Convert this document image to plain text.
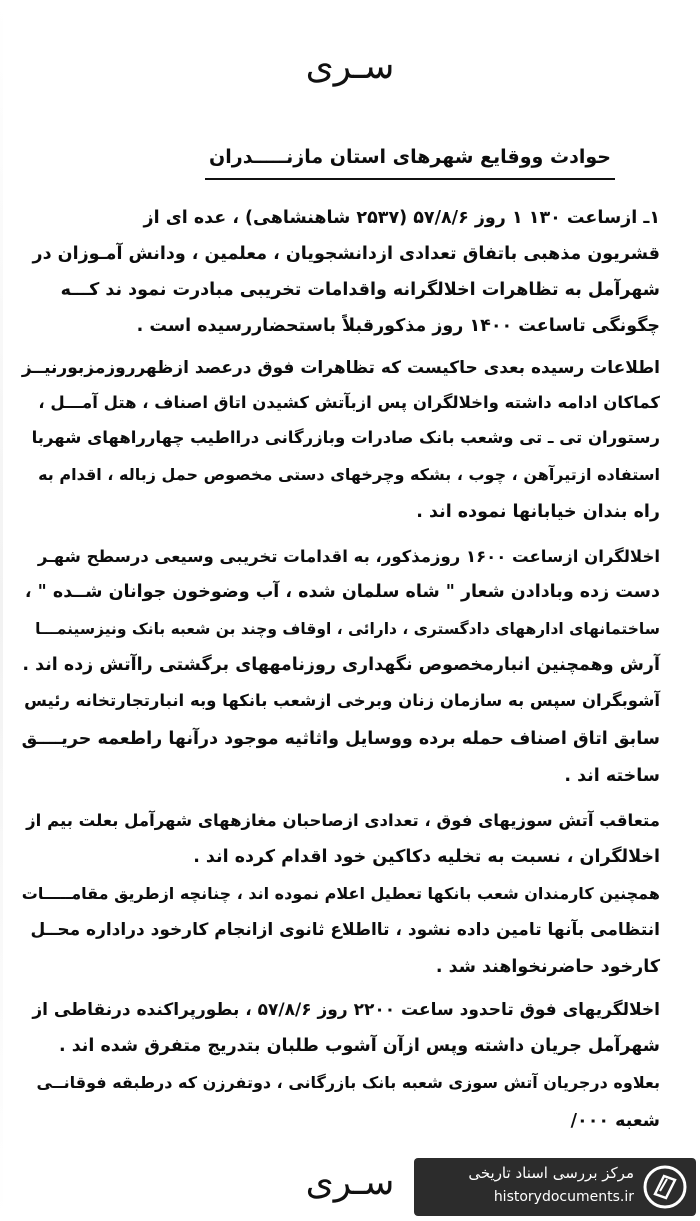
سـری
حوادث ووقایع شهرهای استان مازنـــــدران
۱ـ ازساعت ۱۳۰ ۱ روز ۵۷/۸/۶ (۲۵۳۷ شاهنشاهی) ، عده ای از
قشریون مذهبی باتفاق تعدادی ازدانشجویان ، معلمین ، ودانش آمـوزان در
شهرآمل به تظاهرات اخلالگرانه واقدامات تخریبی مبادرت نمود ند کـــه
چگونگی تاساعت ۱۴۰۰ روز مذکورقبلاً باستحضاررسیده است .
اطلاعات رسیده بعدی حاکیست که تظاهرات فوق درعصد ازظهرروزمزبورنیــز
کماکان ادامه داشته واخلالگران پس ازبآتش کشیدن اتاق اصناف ، هتل آمـــل ،
رستوران تی ـ تی وشعب بانک صادرات وبازرگانی درااطیب چهارراههای شهربا
استفاده ازتیرآهن ، چوب ، بشکه وچرخهای دستی مخصوص حمل زباله ، اقدام به
راه بندان خیابانها نموده اند .
اخلالگران ازساعت ۱۶۰۰ روزمذکور، به اقدامات تخریبی وسیعی درسطح شهـر
دست زده وبادادن شعار " شاه سلمان شده ، آب وضوخون جوانان شــده " ،
ساختمانهای ادارههای دادگستری ، دارائی ، اوقاف وچند بن شعبه بانک ونیزسینمـــا
آرش وهمچنین انبارمخصوص نگهداری روزنامههای برگشتی راآتش زده اند .
آشوبگران سپس به سازمان زنان وبرخی ازشعب بانکها وبه انبارتجارتخانه رئیس
سابق اتاق اصناف حمله برده ووسایل واثاثیه موجود درآنها راطعمه حریــــق
ساخته اند .
متعاقب آتش سوزیهای فوق ، تعدادی ازصاحبان مغازههای شهرآمل بعلت بیم از
اخلالگران ، نسبت به تخلیه دکاکین خود اقدام کرده اند .
همچنین کارمندان شعب بانکها تعطیل اعلام نموده اند ، چنانچه ازطریق مقامـــــات
انتظامی بآنها تامین داده نشود ، تااطلاع ثانوی ازانجام کارخود دراداره محــل
کارخود حاضرنخواهند شد .
اخلالگریهای فوق تاحدود ساعت ۲۲۰۰ روز ۵۷/۸/۶ ، بطورپراکنده درنقاطی از
شهرآمل جریان داشته وپس ازآن آشوب طلبان بتدریج متفرق شده اند .
بعلاوه درجریان آتش سوزی شعبه بانک بازرگانی ، دوتفرزن که درطبقه فوقانــی
شعبه ۰۰۰/
سـری	مرکز بررسی اسناد تاریخی
historydocuments.ir
